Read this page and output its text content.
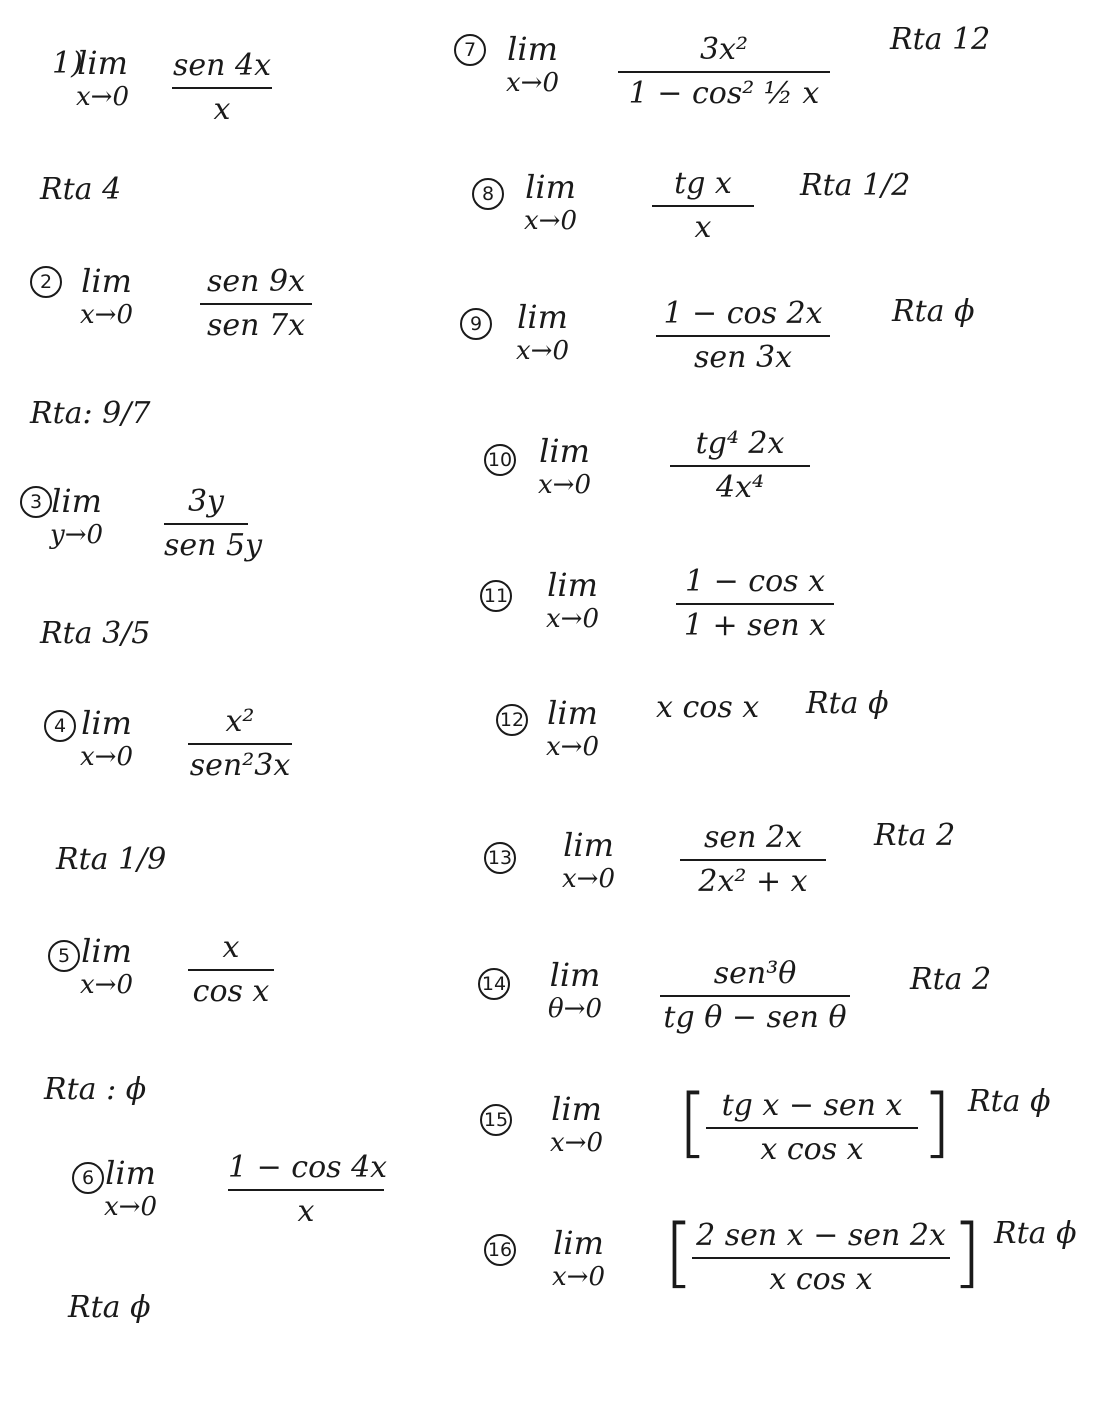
1)
lim
x→0
sen 4x
x
Rta 4
2 lim
x→0
sen 9x
sen 7x
Rta: 9/7
3 lim
y→0
3y
sen 5y
Rta 3/5
4 lim
x→0
x²
sen²3x
Rta 1/9
5 lim
x→0
x
cos x
Rta : ϕ
6 lim
x→0
1 − cos 4x
x
Rta ϕ
7 lim
x→0
3x²
1 − cos² ½ x
Rta 12
8 lim
x→0
tg x
x
Rta 1/2
9	lim
x→0
1 − cos 2x
sen 3x
Rta ϕ
10 lim
x→0
tg⁴ 2x
4x⁴
11 lim
x→0
1 − cos x
1 + sen x
12 lim
x→0
x cos x Rta ϕ
13 lim
x→0
sen 2x
2x² + x
Rta 2
14 lim
θ→0
sen³θ
tg θ − sen θ
Rta 2
15 lim
x→0 [ tg x − sen x
x cos x ] Rta ϕ
16 lim
x→0 [ 2 sen x − sen 2x
x cos x	] Rta ϕ
